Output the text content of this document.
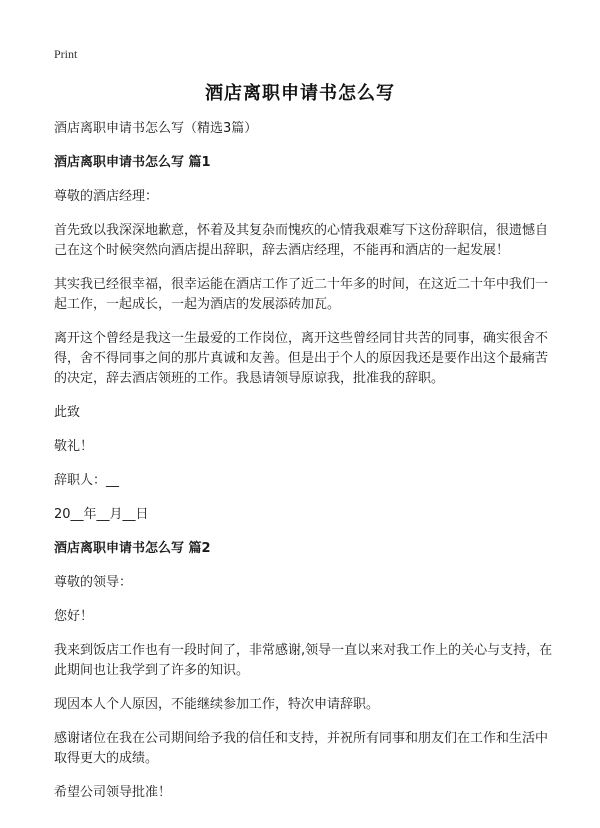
Print
酒店离职申请书怎么写

酒店离职申请书怎么写（精选3篇）

酒店离职申请书怎么写 篇1

尊敬的酒店经理：

首先致以我深深地歉意，怀着及其复杂而愧疚的心情我艰难写下这份辞职信，很遗憾自己在这个时候突然向酒店提出辞职，辞去酒店经理，不能再和酒店的一起发展！

其实我已经很幸福，很幸运能在酒店工作了近二十年多的时间，在这近二十年中我们一起工作，一起成长，一起为酒店的发展添砖加瓦。

离开这个曾经是我这一生最爱的工作岗位，离开这些曾经同甘共苦的同事，确实很舍不得，舍不得同事之间的那片真诚和友善。但是出于个人的原因我还是要作出这个最痛苦的决定，辞去酒店领班的工作。我恳请领导原谅我，批准我的辞职。

此致

敬礼！

辞职人：__

20__年__月__日

酒店离职申请书怎么写 篇2

尊敬的领导：

您好！

我来到饭店工作也有一段时间了，非常感谢,领导一直以来对我工作上的关心与支持，在此期间也让我学到了许多的知识。

现因本人个人原因，不能继续参加工作，特次申请辞职。

感谢诸位在我在公司期间给予我的信任和支持，并祝所有同事和朋友们在工作和生活中取得更大的成绩。

希望公司领导批准！
